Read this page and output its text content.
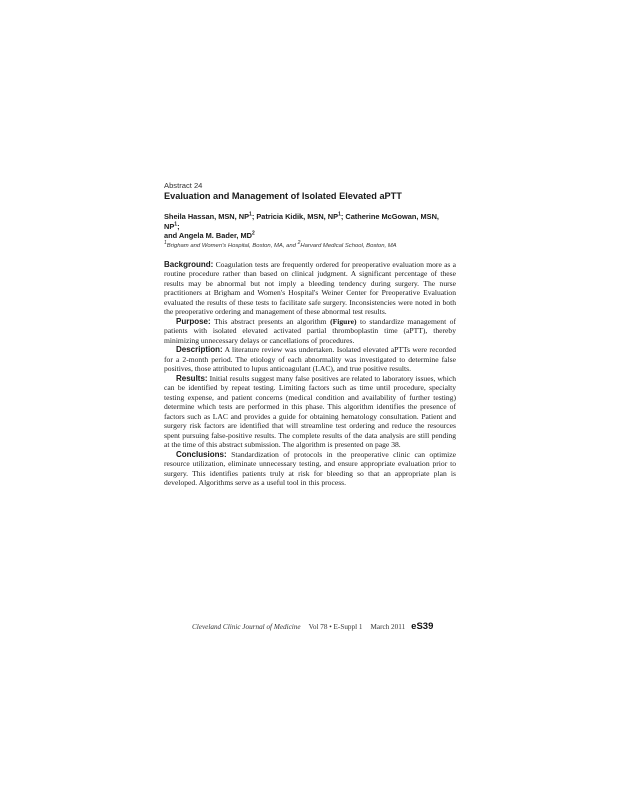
Abstract 24
Evaluation and Management of Isolated Elevated aPTT
Sheila Hassan, MSN, $NP^1$; Patricia Kidik, MSN, $NP^1$; Catherine McGowan, MSN, $NP^1$;
and Angela M. Bader, $MD^2$
$^1$Brigham and Women's Hospital, Boston, MA, and $^2$Harvard Medical School, Boston, MA

Background: Coagulation tests are frequently ordered for preoperative evaluation more as a routine procedure rather than based on clinical judgment. A significant percentage of these results may be abnormal but not imply a bleeding tendency during surgery. The nurse practitioners at Brigham and Women's Hospital's Weiner Center for Preoperative Evaluation evaluated the results of these tests to facilitate safe surgery. Inconsistencies were noted in both the preoperative ordering and management of these abnormal test results.

Purpose: This abstract presents an algorithm (Figure) to standardize management of patients with isolated elevated activated partial thromboplastin time (aPTT), thereby minimizing unnecessary delays or cancellations of procedures.

Description: A literature review was undertaken. Isolated elevated aPTTs were recorded for a 2-month period. The etiology of each abnormality was investigated to determine false positives, those attributed to lupus anticoagulant (LAC), and true positive results.

Results: Initial results suggest many false positives are related to laboratory issues, which can be identified by repeat testing. Limiting factors such as time until procedure, specialty testing expense, and patient concerns (medical condition and availability of further testing) determine which tests are performed in this phase. This algorithm identifies the presence of factors such as LAC and provides a guide for obtaining hematology consultation. Patient and surgery risk factors are identified that will streamline test ordering and reduce the resources spent pursuing false-positive results. The complete results of the data analysis are still pending at the time of this abstract submission. The algorithm is presented on page 38.

Conclusions: Standardization of protocols in the preoperative clinic can optimize resource utilization, eliminate unnecessary testing, and ensure appropriate evaluation prior to surgery. This identifies patients truly at risk for bleeding so that an appropriate plan is developed. Algorithms serve as a useful tool in this process.

Cleveland Clinic Journal of Medicine Vol 78 • E-Suppl 1 March 2011 eS39
